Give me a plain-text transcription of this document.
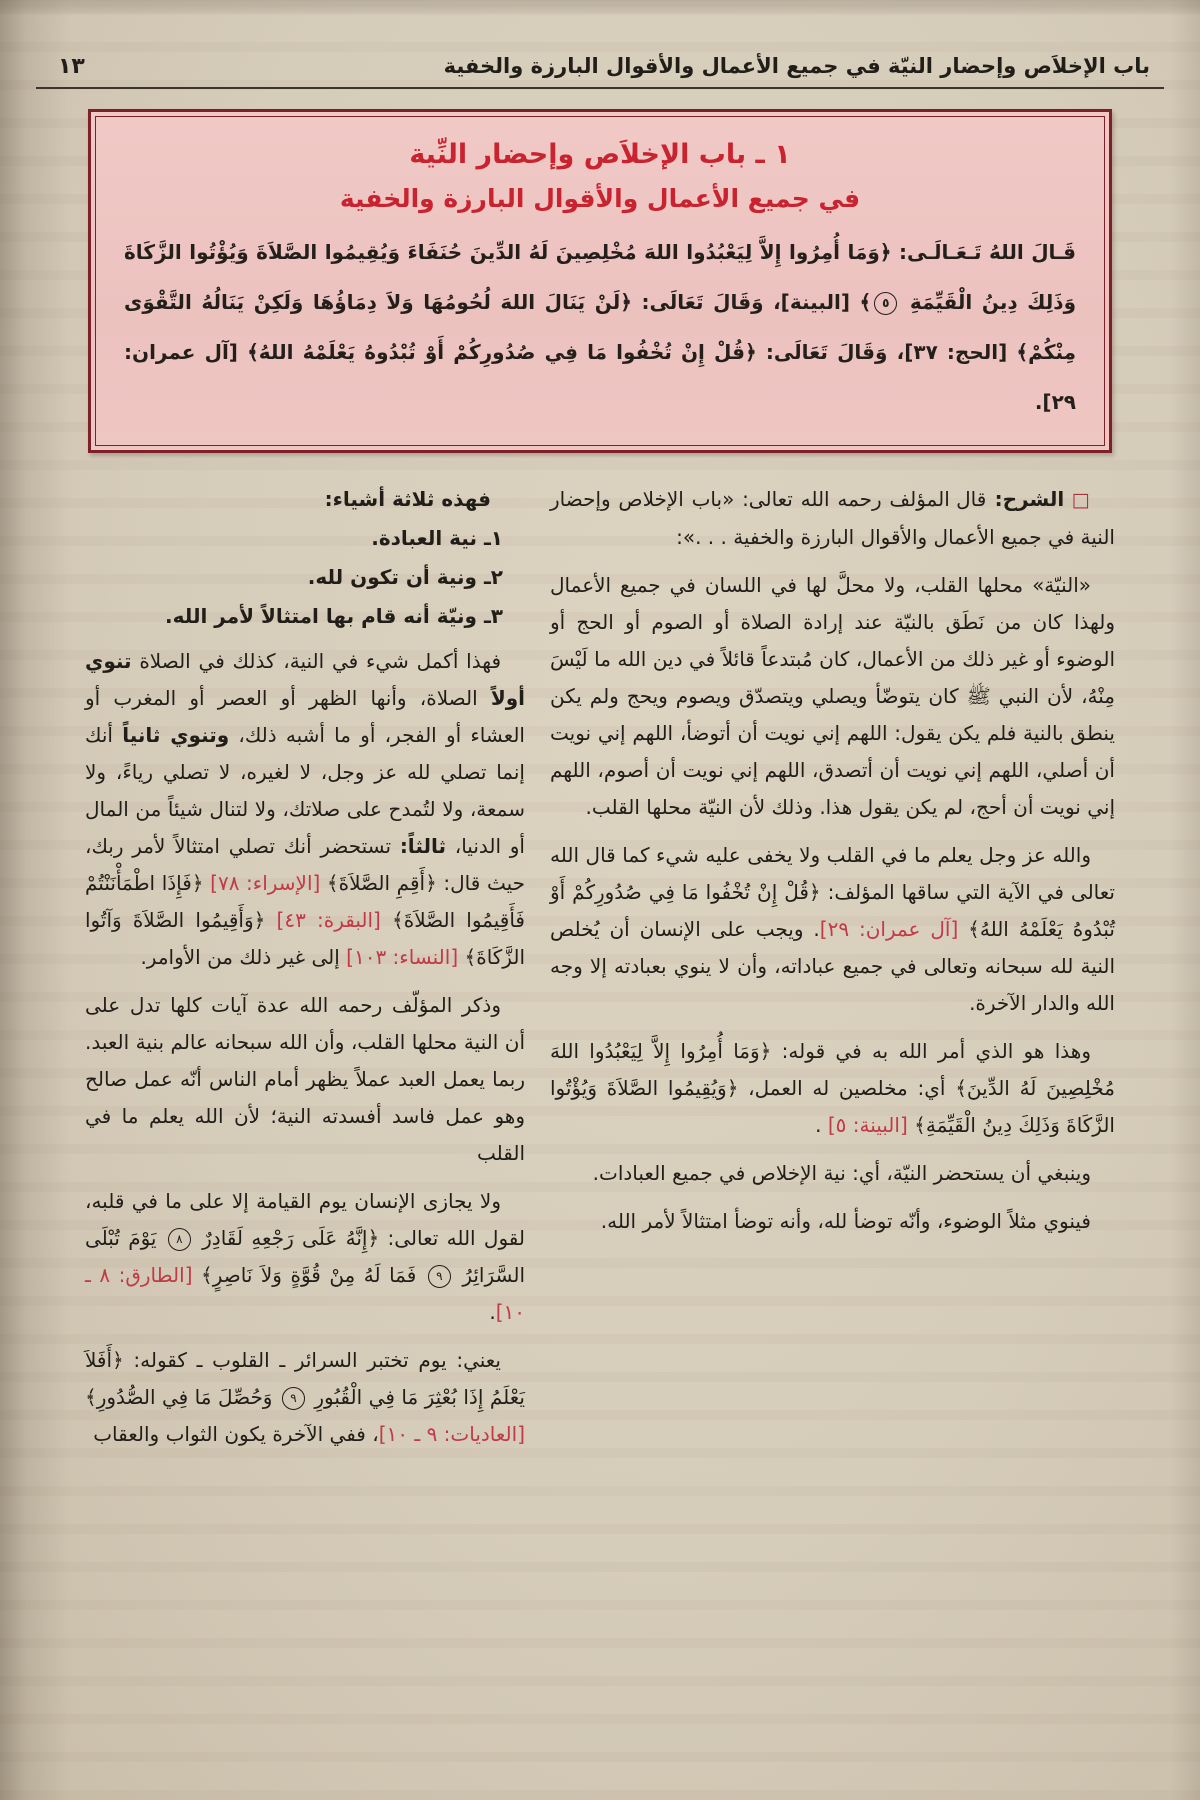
باب الإخلاَص وإحضار النيّة في جميع الأعمال والأقوال البارزة والخفية
١٣
١ ـ باب الإخلاَص وإحضار النِّية
في جميع الأعمال والأقوال البارزة والخفية

قَـالَ اللهُ تَـعَـالَـى: ﴿وَمَا أُمِرُوا إِلاَّ لِيَعْبُدُوا اللهَ مُخْلِصِينَ لَهُ الدِّينَ حُنَفَاءَ وَيُقِيمُوا الصَّلاَةَ وَيُؤْتُوا الزَّكَاةَ وَذَلِكَ دِينُ الْقَيِّمَةِ ٥﴾ [البينة]، وَقَالَ تَعَالَى: ﴿لَنْ يَنَالَ اللهَ لُحُومُهَا وَلاَ دِمَاؤُهَا وَلَكِنْ يَنَالُهُ التَّقْوَى مِنْكُمْ﴾ [الحج: ٣٧]، وَقَالَ تَعَالَى: ﴿قُلْ إِنْ تُخْفُوا مَا فِي صُدُورِكُمْ أَوْ تُبْدُوهُ يَعْلَمْهُ اللهُ﴾ [آل عمران: ٢٩].

□ الشرح: قال المؤلف رحمه الله تعالى: «باب الإخلاص وإحضار النية في جميع الأعمال والأقوال البارزة والخفية . . .»:

«النيّة» محلها القلب، ولا محلَّ لها في اللسان في جميع الأعمال ولهذا كان من نَطَق بالنيّة عند إرادة الصلاة أو الصوم أو الحج أو الوضوء أو غير ذلك من الأعمال، كان مُبتدعاً قائلاً في دين الله ما لَيْسَ مِنْهُ، لأن النبي ﷺ كان يتوضّأ ويصلي ويتصدّق ويصوم ويحج ولم يكن ينطق بالنية فلم يكن يقول: اللهم إني نويت أن أتوضأ، اللهم إني نويت أن أصلي، اللهم إني نويت أن أتصدق، اللهم إني نويت أن أصوم، اللهم إني نويت أن أحج، لم يكن يقول هذا. وذلك لأن النيّة محلها القلب.

والله عز وجل يعلم ما في القلب ولا يخفى عليه شيء كما قال الله تعالى في الآية التي ساقها المؤلف: ﴿قُلْ إِنْ تُخْفُوا مَا فِي صُدُورِكُمْ أَوْ تُبْدُوهُ يَعْلَمْهُ اللهُ﴾ [آل عمران: ٢٩]. ويجب على الإنسان أن يُخلص النية لله سبحانه وتعالى في جميع عباداته، وأن لا ينوي بعبادته إلا وجه الله والدار الآخرة.

وهذا هو الذي أمر الله به في قوله: ﴿وَمَا أُمِرُوا إِلاَّ لِيَعْبُدُوا اللهَ مُخْلِصِينَ لَهُ الدِّينَ﴾ أي: مخلصين له العمل، ﴿وَيُقِيمُوا الصَّلاَةَ وَيُؤْتُوا الزَّكَاةَ وَذَلِكَ دِينُ الْقَيِّمَةِ﴾ [البينة: ٥] .

وينبغي أن يستحضر النيّة، أي: نية الإخلاص في جميع العبادات.

فينوي مثلاً الوضوء، وأنّه توضأ لله، وأنه توضأ امتثالاً لأمر الله.

فهذه ثلاثة أشياء:

١ـ نية العبادة.

٢ـ ونية أن تكون لله.

٣ـ ونيّة أنه قام بها امتثالاً لأمر الله.

فهذا أكمل شيء في النية، كذلك في الصلاة تنوي أولاً الصلاة، وأنها الظهر أو العصر أو المغرب أو العشاء أو الفجر، أو ما أشبه ذلك، وتنوي ثانياً أنك إنما تصلي لله عز وجل، لا لغيره، لا تصلي رياءً، ولا سمعة، ولا لتُمدح على صلاتك، ولا لتنال شيئاً من المال أو الدنيا، ثالثاً: تستحضر أنك تصلي امتثالاً لأمر ربك، حيث قال: ﴿أَقِمِ الصَّلاَةَ﴾ [الإسراء: ٧٨] ﴿فَإِذَا اطْمَأْنَنْتُمْ فَأَقِيمُوا الصَّلاَةَ﴾ [البقرة: ٤٣] ﴿وَأَقِيمُوا الصَّلاَةَ وَآتُوا الزَّكَاةَ﴾ [النساء: ١٠٣] إلى غير ذلك من الأوامر.

وذكر المؤلّف رحمه الله عدة آيات كلها تدل على أن النية محلها القلب، وأن الله سبحانه عالم بنية العبد. ربما يعمل العبد عملاً يظهر أمام الناس أنّه عمل صالح وهو عمل فاسد أفسدته النية؛ لأن الله يعلم ما في القلب

ولا يجازى الإنسان يوم القيامة إلا على ما في قلبه، لقول الله تعالى: ﴿إِنَّهُ عَلَى رَجْعِهِ لَقَادِرٌ ٨ يَوْمَ تُبْلَى السَّرَائِرُ ٩ فَمَا لَهُ مِنْ قُوَّةٍ وَلاَ نَاصِرٍ﴾ [الطارق: ٨ ـ ١٠].

يعني: يوم تختبر السرائر ـ القلوب ـ كقوله: ﴿أَفَلاَ يَعْلَمُ إِذَا بُعْثِرَ مَا فِي الْقُبُورِ ٩ وَحُصِّلَ مَا فِي الصُّدُورِ﴾ [العاديات: ٩ ـ ١٠]، ففي الآخرة يكون الثواب والعقاب
